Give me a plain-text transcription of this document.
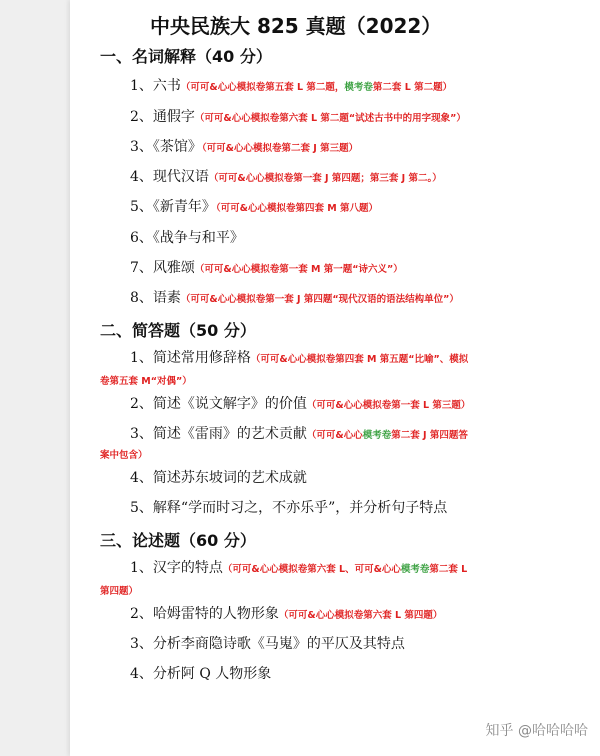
中央民族大 825 真题（2022）
一、名词解释（40 分）
1、六书（可可&心心模拟卷第五套 L 第二题，模考卷第二套 L 第二题）
2、通假字（可可&心心模拟卷第六套 L 第二题“试述古书中的用字现象”）
3、《茶馆》（可可&心心模拟卷第二套 J 第三题）
4、现代汉语（可可&心心模拟卷第一套 J 第四题；第三套 J 第二。）
5、《新青年》（可可&心心模拟卷第四套 M 第八题）
6、《战争与和平》
7、风雅颂（可可&心心模拟卷第一套 M 第一题“诗六义”）
8、语素（可可&心心模拟卷第一套 J 第四题“现代汉语的语法结构单位”）
二、简答题（50 分）
1、简述常用修辞格（可可&心心模拟卷第四套 M 第五题“比喻”、模拟
卷第五套 M“对偶”）
2、简述《说文解字》的价值（可可&心心模拟卷第一套 L 第三题）
3、简述《雷雨》的艺术贡献（可可&心心模考卷第二套 J 第四题答
案中包含）
4、简述苏东坡词的艺术成就
5、解释“学而时习之，不亦乐乎”，并分析句子特点
三、论述题（60 分）
1、汉字的特点（可可&心心模拟卷第六套 L、可可&心心模考卷第二套 L
第四题）
2、哈姆雷特的人物形象（可可&心心模拟卷第六套 L 第四题）
3、分析李商隐诗歌《马嵬》的平仄及其特点
4、分析阿 Q 人物形象
知乎 @哈哈哈哈
